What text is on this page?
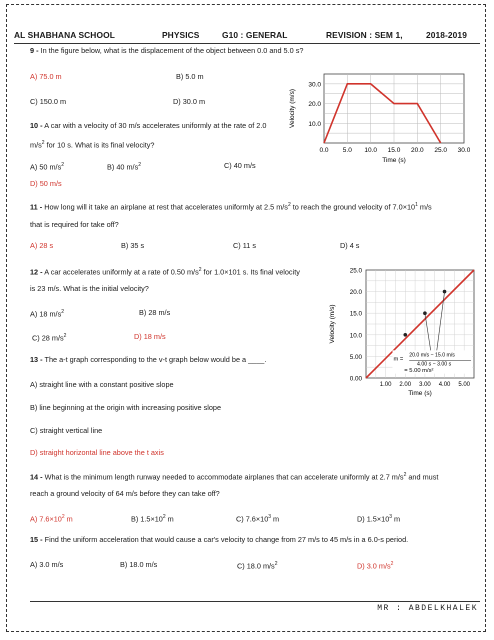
AL SHABHANA SCHOOL	PHYSICS	G10 : GENERAL	REVISION : SEM 1,	2018-2019
9 - In the figure below, what is the displacement of the object between 0.0 and 5.0 s?
A) 75.0 m	B) 5.0 m
C) 150.0 m	D) 30.0 m
10 - A car with a velocity of 30 m/s accelerates uniformly at the rate of 2.0
$m/s^2$ for 10 s. What is its final velocity?
A) 50 $m/s^2$	B) 40 $m/s^2$	C) 40 m/s
D) 50 m/s
0.0 5.0 10.0 15.0 20.0 25.0 30.0
10.0
20.0
30.0
Time (s)
Velocity (m/s)
11 - How long will it take an airplane at rest that accelerates uniformly at 2.5 $m/s^2$ to reach the ground velocity of $7.0\times 10^1$ m/s
that is required for take off?
A) 28 s	B) 35 s	C) 11 s	D) 4 s
12 - A car accelerates uniformly at a rate of 0.50 $m/s^2$ for 1.0×101 s. Its final velocity
is 23 m/s. What is the initial velocity?
A) 18 $m/s^2$	B) 28 m/s
C) 28 $m/s^2$	D) 18 m/s
1.00 2.00 3.00 4.00 5.00
0.00
5.00
10.0
15.0
20.0
25.0
Time (s)
Velocity (m/s)
m =
20.0 m/s − 15.0 m/s
4.00 s − 3.00 s
= 5.00 m/s²
13 - The a-t graph corresponding to the v-t graph below would be a ____.
A) straight line with a constant positive slope
B) line beginning at the origin with increasing positive slope
C) straight vertical line
D) straight horizontal line above the t axis
14 - What is the minimum length runway needed to accommodate airplanes that can accelerate uniformly at 2.7 $m/s^2$ and must
reach a ground velocity of 64 m/s before they can take off?
A) $7.6\times 10^2$ m	B) $1.5\times 10^2$ m	C) $7.6\times 10^3$ m	D) $1.5\times 10^3$ m
15 - Find the uniform acceleration that would cause a car's velocity to change from 27 m/s to 45 m/s in a 6.0-s period.
A) 3.0 m/s	B) 18.0 m/s	C) 18.0 $m/s^2$	D) 3.0 $m/s^2$
MR : ABDELKHALEK
